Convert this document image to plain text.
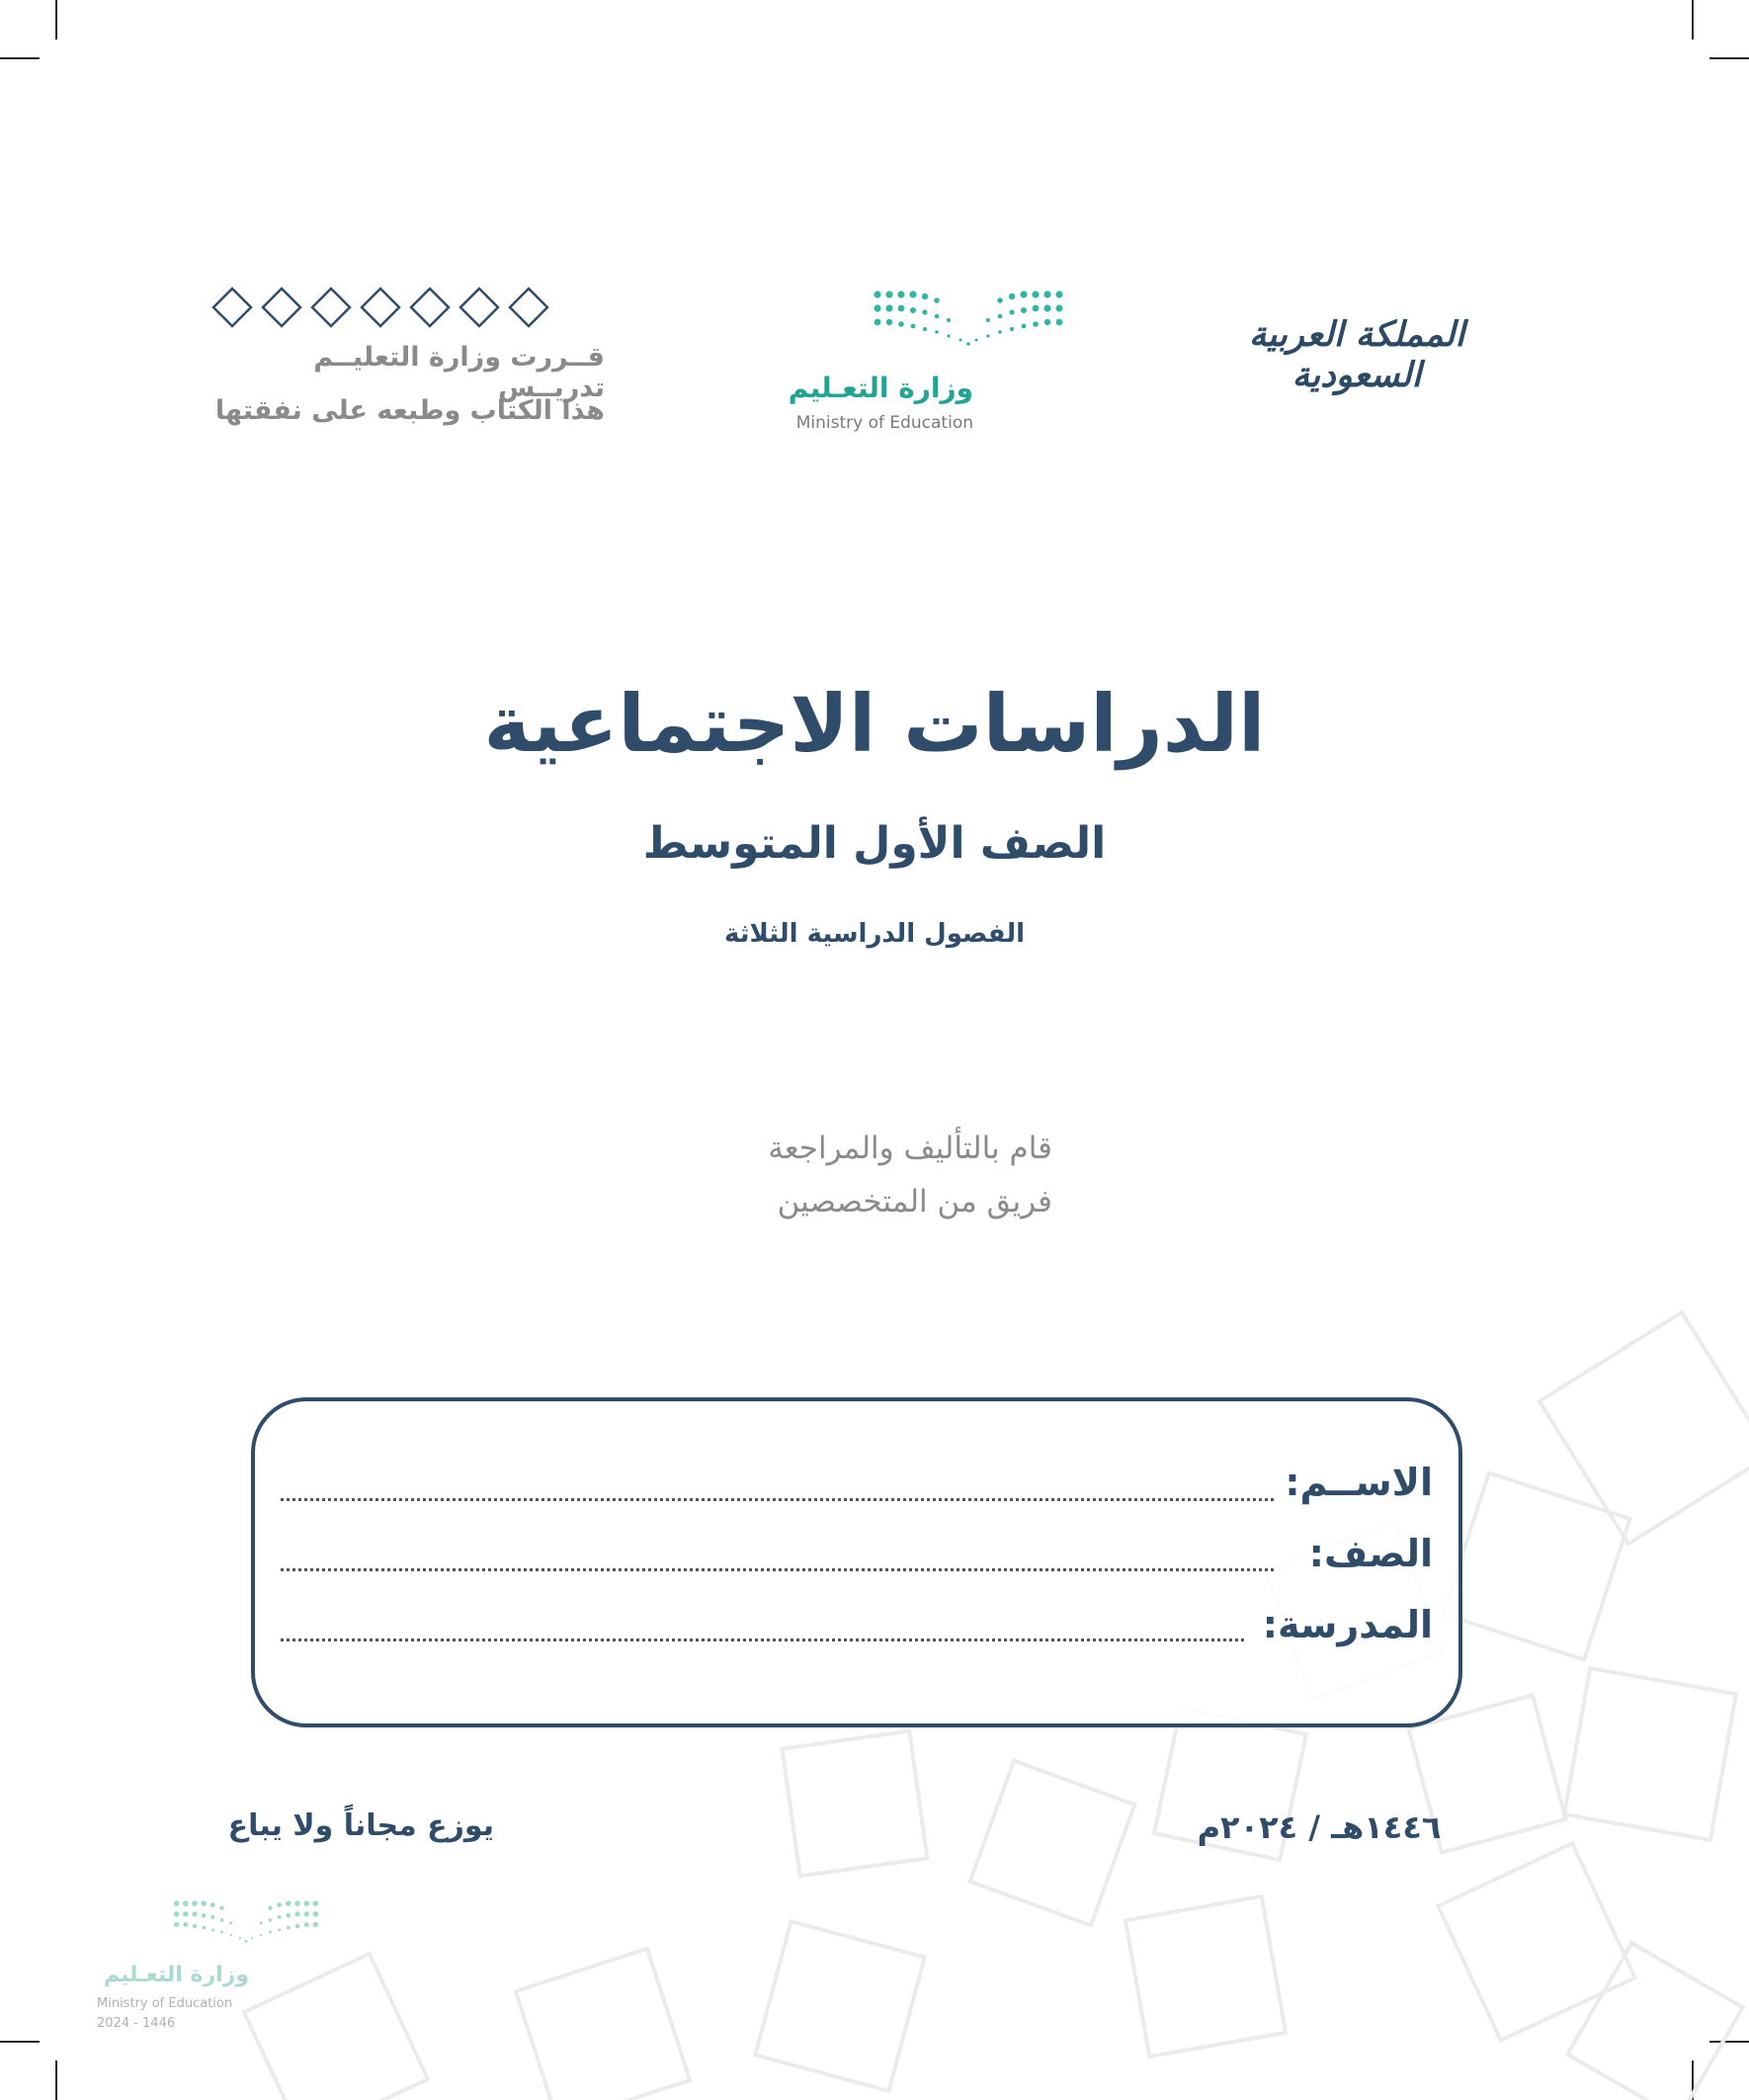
قــررت وزارة التعليــم تدريــس
هذا الكتاب وطبعه على نفقتها
وزارة التعـليم
Ministry of Education
المملكة العربية السعودية
الدراسات الاجتماعية
الصف الأول المتوسط
الفصول الدراسية الثلاثة
قام بالتأليف والمراجعة
فريق من المتخصصين
الاســم:
الصف:
المدرسة:
يوزع مجاناً ولا يباع	١٤٤٦هـ / ٢٠٢٤م
وزارة التعـليم
Ministry of Education
2024 - 1446
